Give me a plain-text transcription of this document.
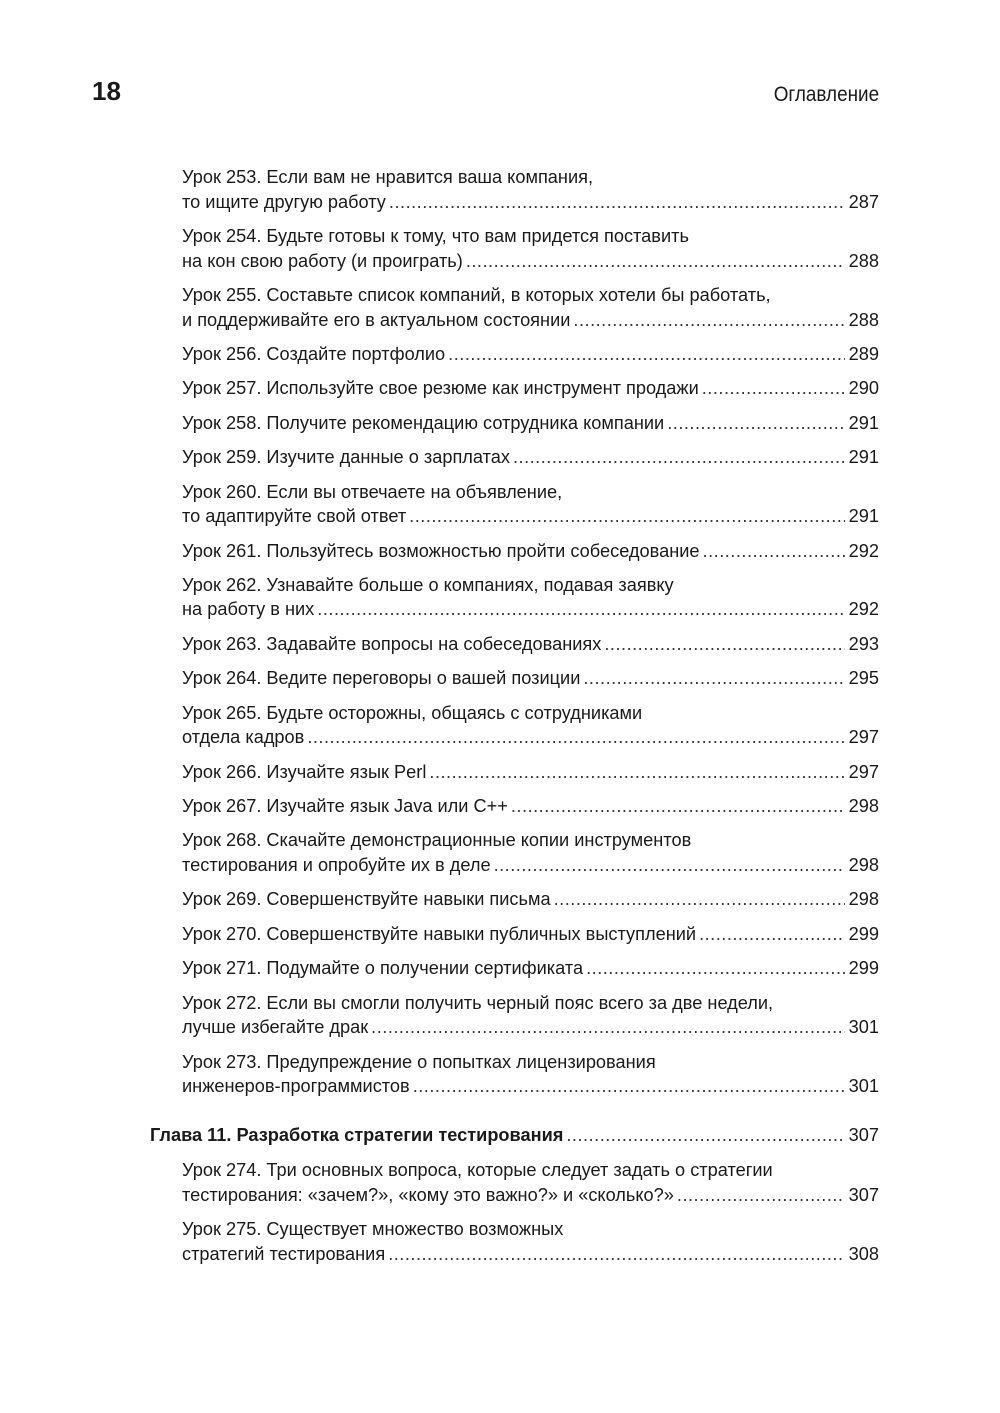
18	Оглавление
Урок 253. Если вам не нравится ваша компания,
то ищите другую работу .....	287
Урок 254. Будьте готовы к тому, что вам придется поставить
на кон свою работу (и проиграть) .....	288
Урок 255. Составьте список компаний, в которых хотели бы работать,
и поддерживайте его в актуальном состоянии .....	288
Урок 256. Создайте портфолио .....	289
Урок 257. Используйте свое резюме как инструмент продажи .....	290
Урок 258. Получите рекомендацию сотрудника компании .....	291
Урок 259. Изучите данные о зарплатах .....	291
Урок 260. Если вы отвечаете на объявление,
то адаптируйте свой ответ .....	291
Урок 261. Пользуйтесь возможностью пройти собеседование .....	292
Урок 262. Узнавайте больше о компаниях, подавая заявку
на работу в них .....	292
Урок 263. Задавайте вопросы на собеседованиях .....	293
Урок 264. Ведите переговоры о вашей позиции .....	295
Урок 265. Будьте осторожны, общаясь с сотрудниками
отдела кадров .....	297
Урок 266. Изучайте язык Perl .....	297
Урок 267. Изучайте язык Java или C++ .....	298
Урок 268. Скачайте демонстрационные копии инструментов
тестирования и опробуйте их в деле .....	298
Урок 269. Совершенствуйте навыки письма .....	298
Урок 270. Совершенствуйте навыки публичных выступлений .....	299
Урок 271. Подумайте о получении сертификата .....	299
Урок 272. Если вы смогли получить черный пояс всего за две недели,
лучше избегайте драк .....	301
Урок 273. Предупреждение о попытках лицензирования
инженеров-программистов .....	301
Глава 11. Разработка стратегии тестирования .....	307
Урок 274. Три основных вопроса, которые следует задать о стратегии
тестирования: «зачем?», «кому это важно?» и «сколько?» .....	307
Урок 275. Существует множество возможных
стратегий тестирования .....	308
